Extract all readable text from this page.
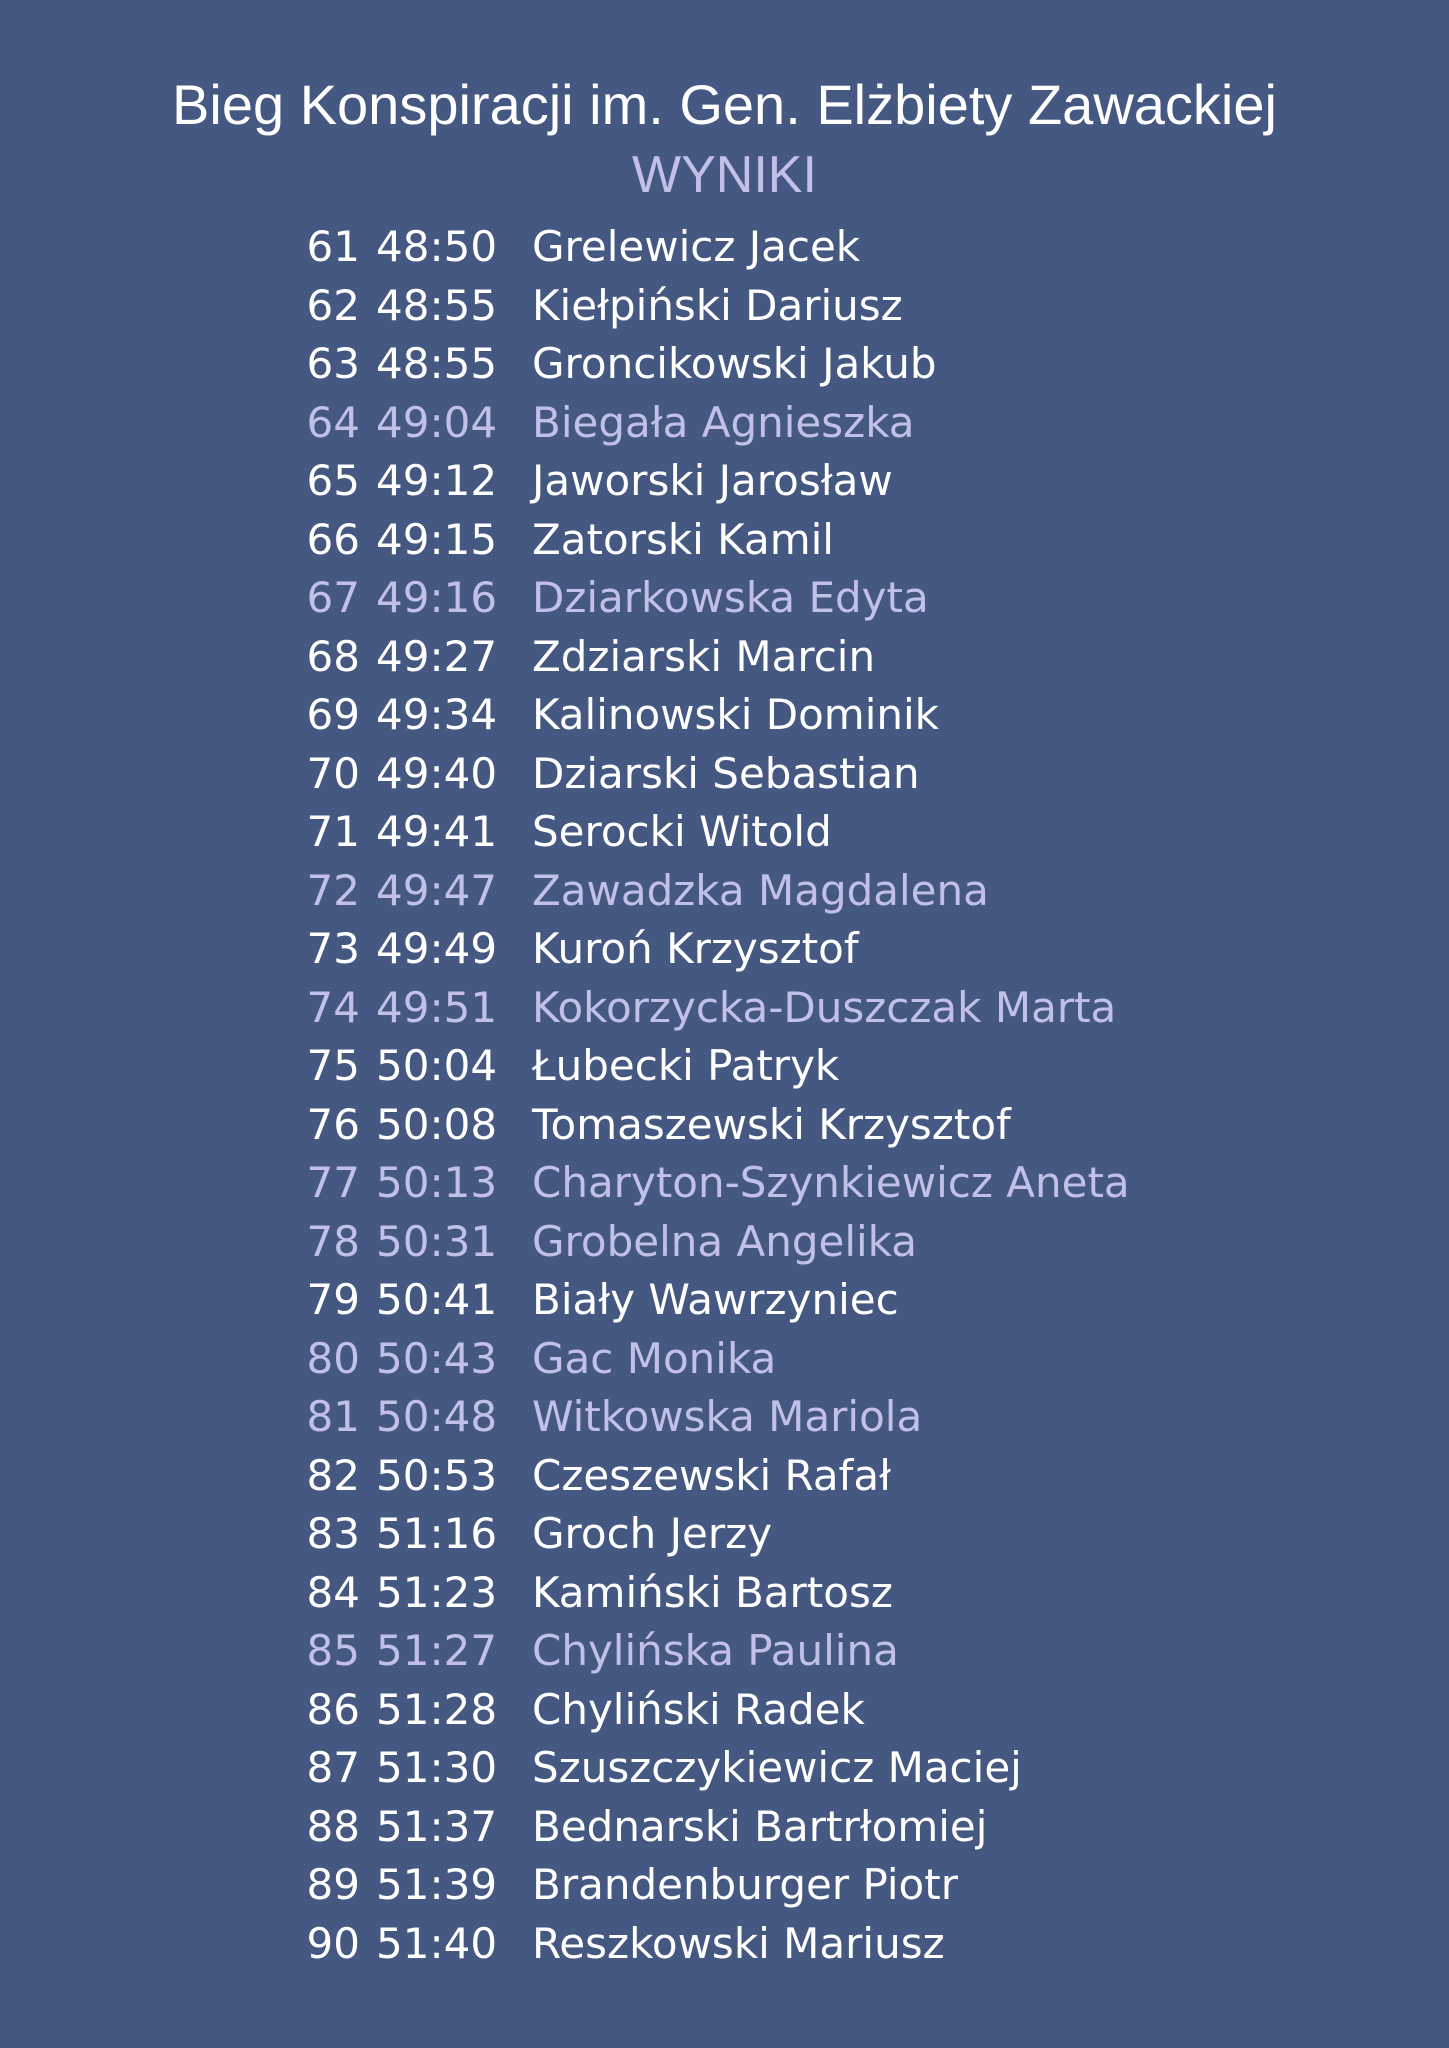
Bieg Konspiracji im. Gen. Elżbiety Zawackiej
WYNIKI
61 48:50 Grelewicz Jacek
62 48:55 Kiełpiński Dariusz
63 48:55 Groncikowski Jakub
64 49:04 Biegała Agnieszka
65 49:12 Jaworski Jarosław
66 49:15 Zatorski Kamil
67 49:16 Dziarkowska Edyta
68 49:27 Zdziarski Marcin
69 49:34 Kalinowski Dominik
70 49:40 Dziarski Sebastian
71 49:41 Serocki Witold
72 49:47 Zawadzka Magdalena
73 49:49 Kuroń Krzysztof
74 49:51 Kokorzycka-Duszczak Marta
75 50:04 Łubecki Patryk
76 50:08 Tomaszewski Krzysztof
77 50:13 Charyton-Szynkiewicz Aneta
78 50:31 Grobelna Angelika
79 50:41 Biały Wawrzyniec
80 50:43 Gac Monika
81 50:48 Witkowska Mariola
82 50:53 Czeszewski Rafał
83 51:16 Groch Jerzy
84 51:23 Kamiński Bartosz
85 51:27 Chylińska Paulina
86 51:28 Chyliński Radek
87 51:30 Szuszczykiewicz Maciej
88 51:37 Bednarski Bartrłomiej
89 51:39 Brandenburger Piotr
90 51:40 Reszkowski Mariusz
